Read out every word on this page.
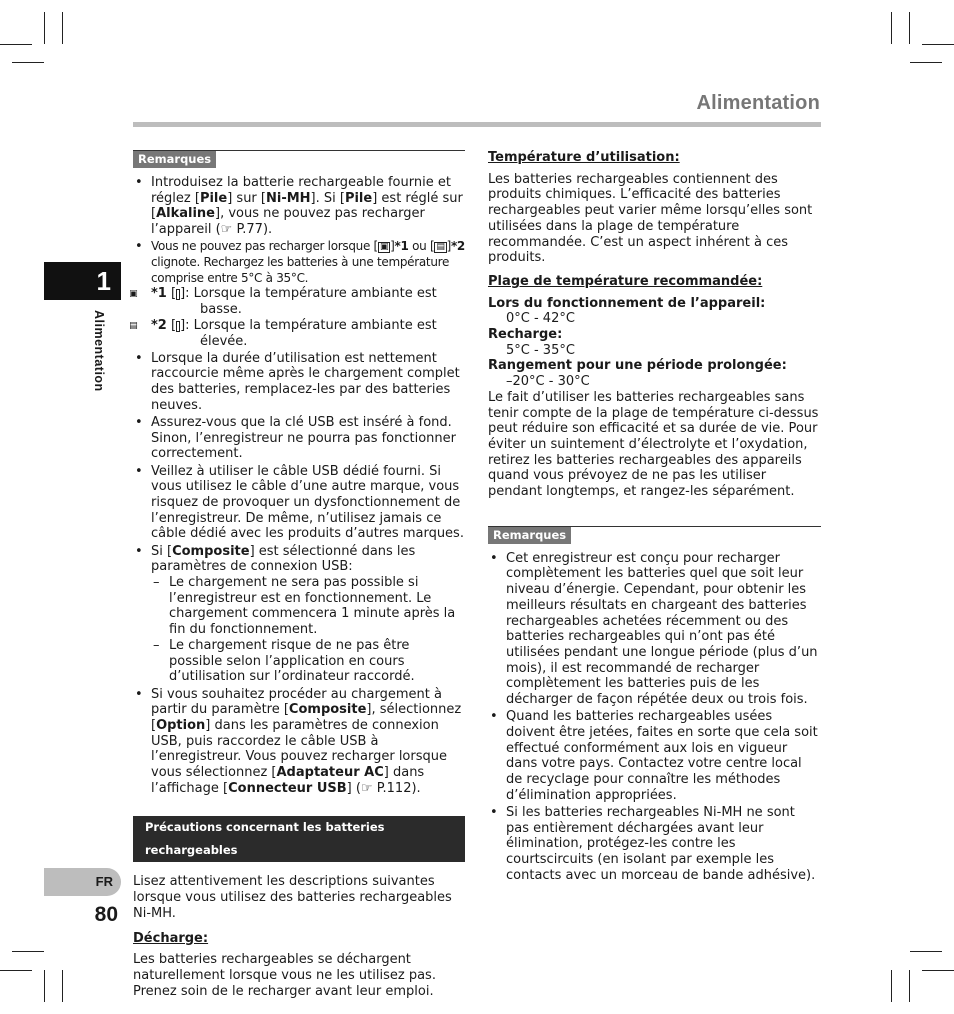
Alimentation
1
Alimentation
FR
80
Remarques
• Introduisez la batterie rechargeable fournie et réglez [Pile] sur [Ni-MH]. Si [Pile] est réglé sur [Alkaline], vous ne pouvez pas recharger l’appareil (☞ P.77).
• Vous ne pouvez pas recharger lorsque [ ▣ ]*1 ou [ ▤ ]*2 clignote. Rechargez les batteries à une température comprise entre 5°C à 35°C.
*1 [▣	]: Lorsque la température ambiante est basse.
*2 [▤	]: Lorsque la température ambiante est élevée.
• Lorsque la durée d’utilisation est nettement raccourcie même après le chargement complet des batteries, remplacez-les par des batteries neuves.
• Assurez-vous que la clé USB est inséré à fond. Sinon, l’enregistreur ne pourra pas fonctionner correctement.
• Veillez à utiliser le câble USB dédié fourni. Si vous utilisez le câble d’une autre marque, vous risquez de provoquer un dysfonctionnement de l’enregistreur. De même, n’utilisez jamais ce câble dédié avec les produits d’autres marques.
• Si [Composite] est sélectionné dans les paramètres de connexion USB:
– Le chargement ne sera pas possible si l’enregistreur est en fonctionnement. Le chargement commencera 1 minute après la fin du fonctionnement.
– Le chargement risque de ne pas être possible selon l’application en cours d’utilisation sur l’ordinateur raccordé.
• Si vous souhaitez procéder au chargement à partir du paramètre [Composite], sélectionnez [Option] dans les paramètres de connexion USB, puis raccordez le câble USB à l’enregistreur. Vous pouvez recharger lorsque vous sélectionnez [Adaptateur AC] dans l’affichage [Connecteur USB] (☞ P.112).
Précautions concernant les batteries rechargeables

Lisez attentivement les descriptions suivantes lorsque vous utilisez des batteries rechargeables Ni-MH.

Décharge:

Les batteries rechargeables se déchargent naturellement lorsque vous ne les utilisez pas. Prenez soin de le recharger avant leur emploi.

Température d’utilisation:

Les batteries rechargeables contiennent des produits chimiques. L’efficacité des batteries rechargeables peut varier même lorsqu’elles sont utilisées dans la plage de température recommandée. C’est un aspect inhérent à ces produits.

Plage de température recommandée:

Lors du fonctionnement de l’appareil:

0°C - 42°C

Recharge:

5°C - 35°C

Rangement pour une période prolongée:

–20°C - 30°C

Le fait d’utiliser les batteries rechargeables sans tenir compte de la plage de température ci-dessus peut réduire son efficacité et sa durée de vie. Pour éviter un suintement d’électrolyte et l’oxydation, retirez les batteries rechargeables des appareils quand vous prévoyez de ne pas les utiliser pendant longtemps, et rangez-les séparément.

Remarques
• Cet enregistreur est conçu pour recharger complètement les batteries quel que soit leur niveau d’énergie. Cependant, pour obtenir les meilleurs résultats en chargeant des batteries rechargeables achetées récemment ou des batteries rechargeables qui n’ont pas été utilisées pendant une longue période (plus d’un mois), il est recommandé de recharger complètement les batteries puis de les décharger de façon répétée deux ou trois fois.
• Quand les batteries rechargeables usées doivent être jetées, faites en sorte que cela soit effectué conformément aux lois en vigueur dans votre pays. Contactez votre centre local de recyclage pour connaître les méthodes d’élimination appropriées.
• Si les batteries rechargeables Ni-MH ne sont pas entièrement déchargées avant leur élimination, protégez-les contre les courtscircuits (en isolant par exemple les contacts avec un morceau de bande adhésive).
